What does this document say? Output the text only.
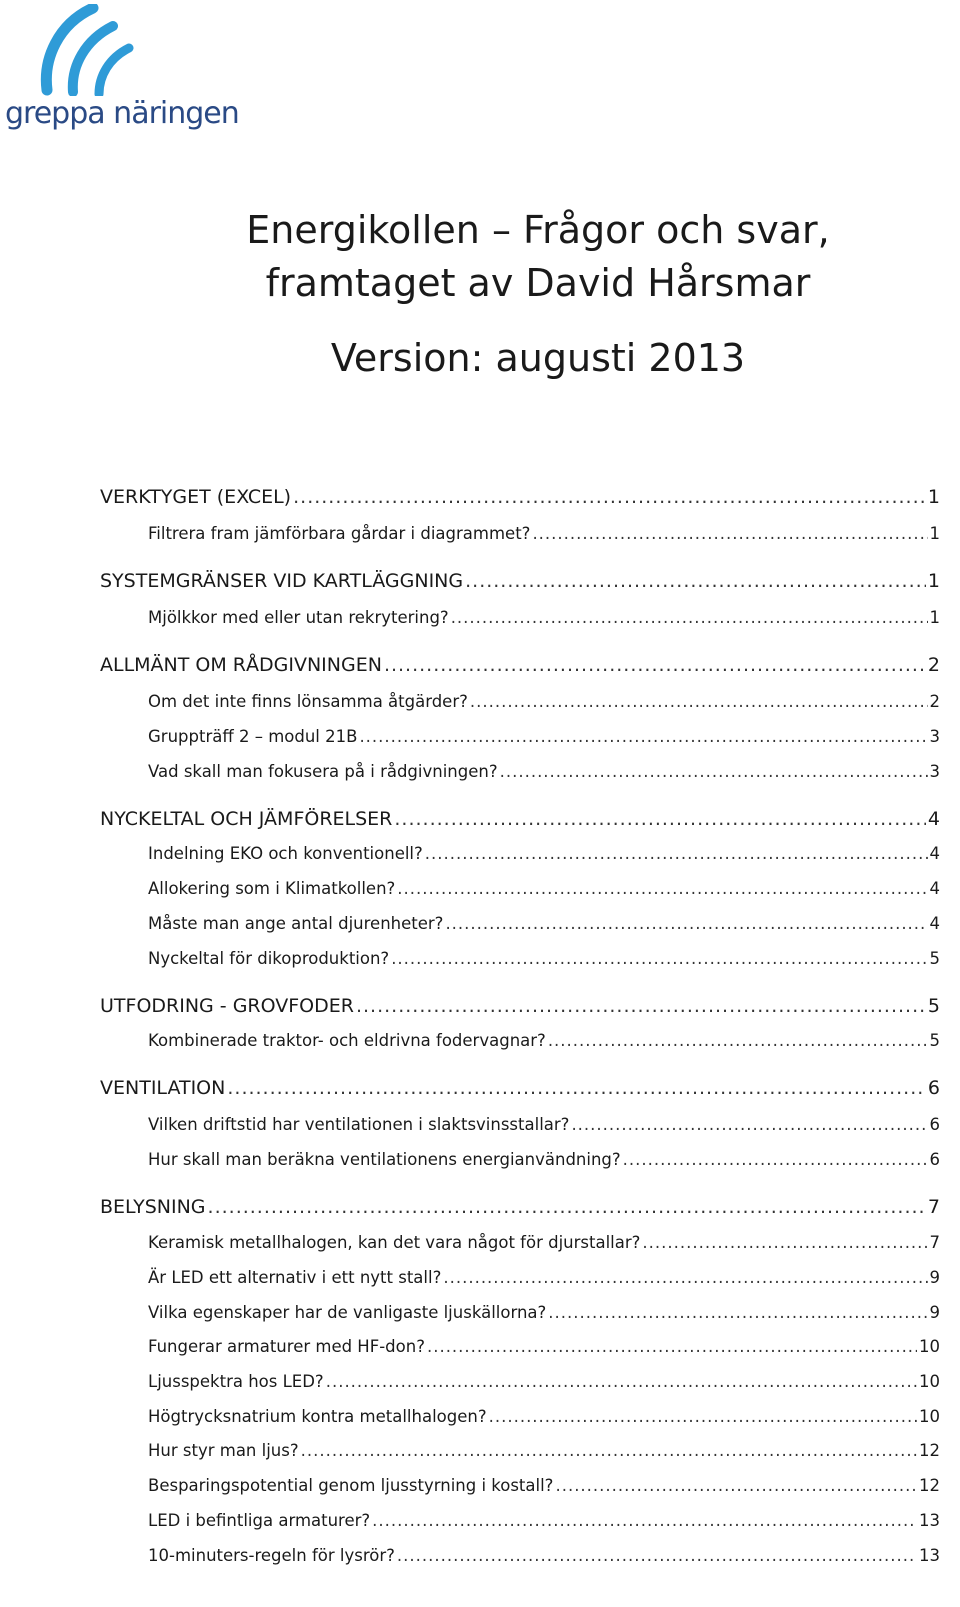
greppa näringen
Energikollen – Frågor och svar,
framtaget av David Hårsmar
Version: augusti 2013
VERKTYGET (EXCEL) .....	1
Filtrera fram jämförbara gårdar i diagrammet? .....	1
SYSTEMGRÄNSER VID KARTLÄGGNING .....	1
Mjölkkor med eller utan rekrytering? .....	1
ALLMÄNT OM RÅDGIVNINGEN .....	2
Om det inte finns lönsamma åtgärder? .....	2
Gruppträff 2 – modul 21B .....	3
Vad skall man fokusera på i rådgivningen? .....	3
NYCKELTAL OCH JÄMFÖRELSER .....	4
Indelning EKO och konventionell? .....	4
Allokering som i Klimatkollen? .....	4
Måste man ange antal djurenheter? .....	4
Nyckeltal för dikoproduktion? .....	5
UTFODRING - GROVFODER .....	5
Kombinerade traktor- och eldrivna fodervagnar? .....	5
VENTILATION .....	6
Vilken driftstid har ventilationen i slaktsvinsstallar? .....	6
Hur skall man beräkna ventilationens energianvändning? .....	6
BELYSNING .....	7
Keramisk metallhalogen, kan det vara något för djurstallar? .....	7
Är LED ett alternativ i ett nytt stall? .....	9
Vilka egenskaper har de vanligaste ljuskällorna? .....	9
Fungerar armaturer med HF-don? .....	10
Ljusspektra hos LED? .....	10
Högtrycksnatrium kontra metallhalogen? .....	10
Hur styr man ljus? .....	12
Besparingspotential genom ljusstyrning i kostall? .....	12
LED i befintliga armaturer? .....	13
10-minuters-regeln för lysrör? .....	13
